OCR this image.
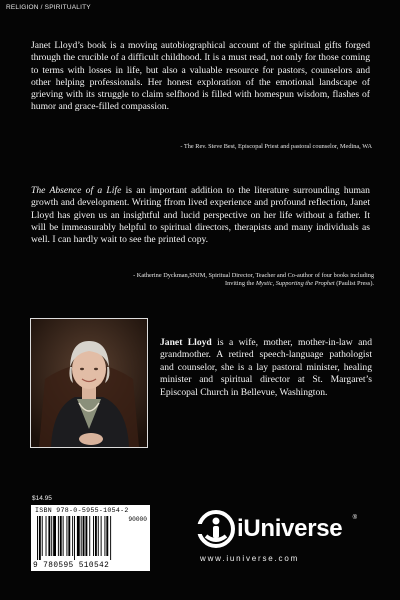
RELIGION / SPIRITUALITY

Janet Lloyd’s book is a moving autobiographical account of the spiritual gifts forged through the crucible of a difficult childhood. It is a must read, not only for those coming to terms with losses in life, but also a valuable resource for pastors, counselors and other helping professionals. Her honest exploration of the emotional landscape of grieving with its struggle to claim selfhood is filled with homespun wisdom, flashes of humor and grace-filled compassion.

- The Rev. Steve Best, Episcopal Priest and pastoral counselor, Medina, WA

The Absence of a Life is an important addition to the literature surrounding human growth and development. Writing ffrom lived experience and profound reflection, Janet Lloyd has given us an insightful and lucid perspective on her life without a father. It will be immeasurably helpful to spiritual directors, therapists and many individuals as well. I can hardly wait to see the printed copy.

- Katherine Dyckman,SNJM, Spiritual Director, Teacher and Co-author of four books including
Inviting the Mystic, Supporting the Prophet (Paulist Press).

Janet Lloyd is a wife, mother, mother-in-law and grandmother. A retired speech-language pathologist and counselor, she is a lay pastoral minister, healing minister and spiritual director at St. Margaret’s Episcopal Church in Bellevue, Washington.

$14.95
ISBN 978-0-5955-1054-2
90000
9 780595 510542
iUniverse ®
www.iuniverse.com
